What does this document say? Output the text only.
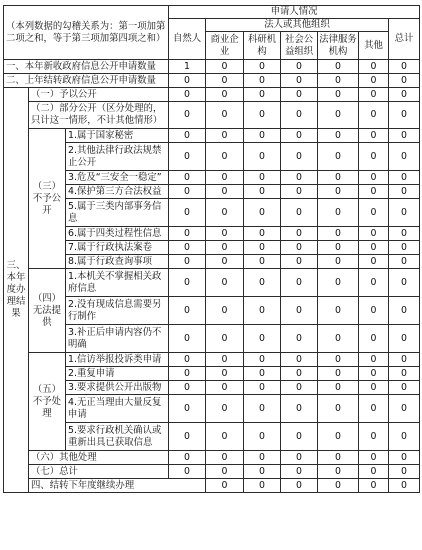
（本列数据的勾稽关系为：第一项加第二项之和，等于第三项加第四项之和）			申请人情况							
			自然人	法人或其他组织					总计	
				商业企业	科研机构	社会公益组织	法律服务机构	其他		
一、本年新收政府信息公开申请数量			1	0	0	0	0	0	0	
二、上年结转政府信息公开申请数量			0	0	0	0	0	0	0	
三、本年度办理结果	（一）予以公开		0	0	0	0	0	0	0	
	（二）部分公开（区分处理的，只计这一情形，不计其他情形）		0	0	0	0	0	0	0	
	（三）不予公开	1.属于国家秘密	0	0	0	0	0	0	0	
		2.其他法律行政法规禁止公开	0	0	0	0	0	0	0	
		3.危及“三安全一稳定”	0	0	0	0	0	0	0	
		4.保护第三方合法权益	0	0	0	0	0	0	0	
		5.属于三类内部事务信息	0	0	0	0	0	0	0	
		6.属于四类过程性信息	0	0	0	0	0	0	0	
		7.属于行政执法案卷	0	0	0	0	0	0	0	
		8.属于行政查询事项	0	0	0	0	0	0	0	
	（四）无法提供	1.本机关不掌握相关政府信息	0	0	0	0	0	0	0	
		2.没有现成信息需要另行制作	0	0	0	0	0	0	0	
		3.补正后申请内容仍不明确	0	0	0	0	0	0	0	
	（五）不予处理	1.信访举报投诉类申请	0	0	0	0	0	0	0	
		2.重复申请	0	0	0	0	0	0	0	
		3.要求提供公开出版物	0	0	0	0	0	0	0	
		4.无正当理由大量反复申请	0	0	0	0	0	0	0	
		5.要求行政机关确认或重新出具已获取信息	0	0	0	0	0	0	0	
	（六）其他处理		0	0	0	0	0	0	0	
	（七）总计		0	0	0	0	0	0	0	
	四、结转下年度继续办理			0	0	0	0	0	0	
